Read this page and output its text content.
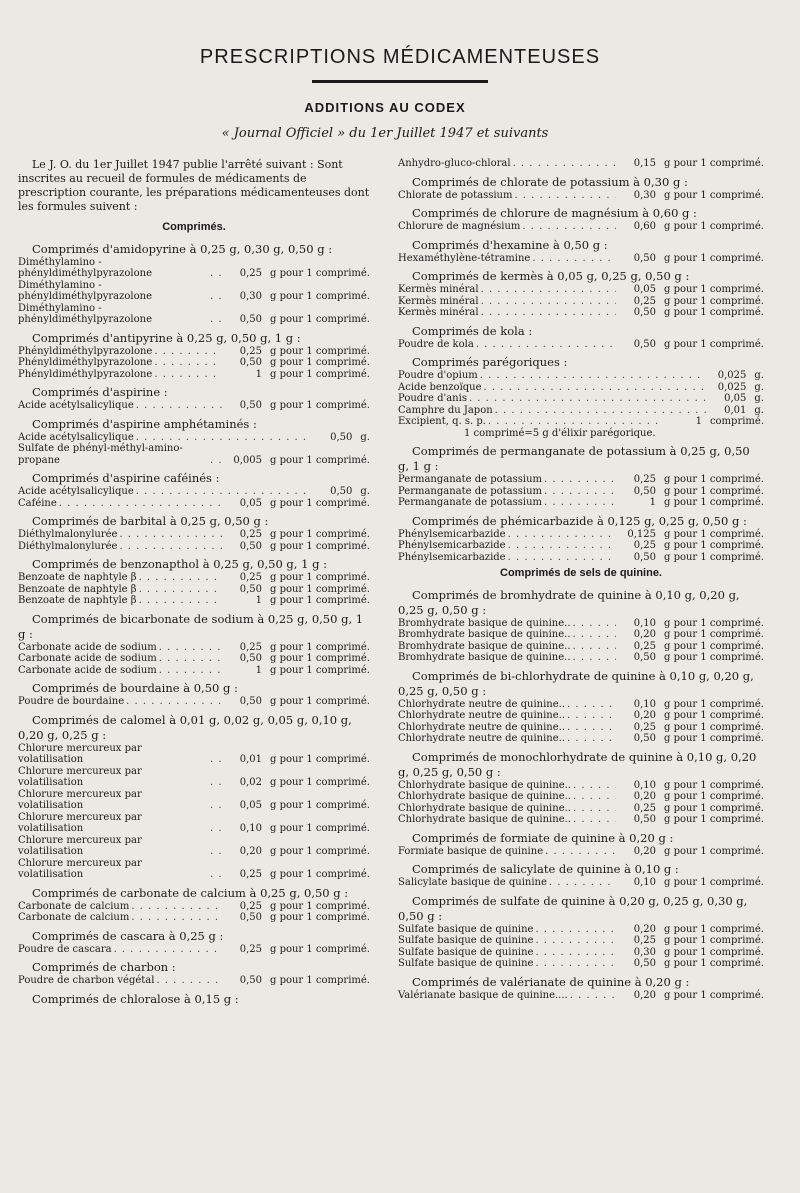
PRESCRIPTIONS MÉDICAMENTEUSES
ADDITIONS AU CODEX
« Journal Officiel » du 1er Juillet 1947 et suivants
Le J. O. du 1er Juillet 1947 publie l'arrêté suivant : Sont inscrites au recueil de formules de médicaments de prescription courante, les préparations médicamenteuses dont les formules suivent :
Comprimés.
Comprimés d'amidopyrine à 0,25 g, 0,30 g, 0,50 g :
Diméthylamino - phényldiméthylpyrazolone . . .	0,25 g pour 1 comprimé.
Diméthylamino - phényldiméthylpyrazolone . . .	0,30 g pour 1 comprimé.
Diméthylamino - phényldiméthylpyrazolone . . .	0,50 g pour 1 comprimé.
Comprimés d'antipyrine à 0,25 g, 0,50 g, 1 g :
Phényldiméthylpyrazolone . . .	0,25 g pour 1 comprimé.
Phényldiméthylpyrazolone . . .	0,50 g pour 1 comprimé.
Phényldiméthylpyrazolone . . .	1 g pour 1 comprimé.
Comprimés d'aspirine :
Acide acétylsalicylique . . .	0,50 g pour 1 comprimé.
Comprimés d'aspirine amphétaminés :
Acide acétylsalicylique . . .	0,50 g.
Sulfate de phényl-méthyl-amino-propane . . .	0,005 g pour 1 comprimé.
Comprimés d'aspirine caféinés :
Acide acétylsalicylique . . .	0,50 g.
Caféine . . .	0,05 g pour 1 comprimé.
Comprimés de barbital à 0,25 g, 0,50 g :
Diéthylmalonylurée . . .	0,25 g pour 1 comprimé.
Diéthylmalonylurée . . .	0,50 g pour 1 comprimé.
Comprimés de benzonapthol à 0,25 g, 0,50 g, 1 g :
Benzoate de naphtyle β . . .	0,25 g pour 1 comprimé.
Benzoate de naphtyle β . . .	0,50 g pour 1 comprimé.
Benzoate de naphtyle β . . .	1 g pour 1 comprimé.
Comprimés de bicarbonate de sodium à 0,25 g, 0,50 g, 1 g :
Carbonate acide de sodium . . .	0,25 g pour 1 comprimé.
Carbonate acide de sodium . . .	0,50 g pour 1 comprimé.
Carbonate acide de sodium . . .	1 g pour 1 comprimé.
Comprimés de bourdaine à 0,50 g :
Poudre de bourdaine . . .	0,50 g pour 1 comprimé.
Comprimés de calomel à 0,01 g, 0,02 g, 0,05 g, 0,10 g, 0,20 g, 0,25 g :
Chlorure mercureux par volatilisation . . .	0,01 g pour 1 comprimé.
Chlorure mercureux par volatilisation . . .	0,02 g pour 1 comprimé.
Chlorure mercureux par volatilisation . . .	0,05 g pour 1 comprimé.
Chlorure mercureux par volatilisation . . .	0,10 g pour 1 comprimé.
Chlorure mercureux par volatilisation . . .	0,20 g pour 1 comprimé.
Chlorure mercureux par volatilisation . . .	0,25 g pour 1 comprimé.
Comprimés de carbonate de calcium à 0,25 g, 0,50 g :
Carbonate de calcium . . .	0,25 g pour 1 comprimé.
Carbonate de calcium . . .	0,50 g pour 1 comprimé.
Comprimés de cascara à 0,25 g :
Poudre de cascara . . .	0,25 g pour 1 comprimé.
Comprimés de charbon :
Poudre de charbon végétal . . .	0,50 g pour 1 comprimé.
Comprimés de chloralose à 0,15 g :
Anhydro-gluco-chloral . . .	0,15 g pour 1 comprimé.
Comprimés de chlorate de potassium à 0,30 g :
Chlorate de potassium . . .	0,30 g pour 1 comprimé.
Comprimés de chlorure de magnésium à 0,60 g :
Chlorure de magnésium . . .	0,60 g pour 1 comprimé.
Comprimés d'hexamine à 0,50 g :
Hexaméthylène-tétramine . . .	0,50 g pour 1 comprimé.
Comprimés de kermès à 0,05 g, 0,25 g, 0,50 g :
Kermès minéral . . .	0,05 g pour 1 comprimé.
Kermès minéral . . .	0,25 g pour 1 comprimé.
Kermès minéral . . .	0,50 g pour 1 comprimé.
Comprimés de kola :
Poudre de kola . . .	0,50 g pour 1 comprimé.
Comprimés parégoriques :
Poudre d'opium . . .	0,025 g.
Acide benzoïque . . .	0,025 g.
Poudre d'anis . . .	0,05 g.
Camphre du Japon . . .	0,01 g.
Excipient, q. s. p. . . .	1 comprimé.
1 comprimé=5 g d'élixir parégorique.
Comprimés de permanganate de potassium à 0,25 g, 0,50 g, 1 g :
Permanganate de potassium . . .	0,25 g pour 1 comprimé.
Permanganate de potassium . . .	0,50 g pour 1 comprimé.
Permanganate de potassium . . .	1 g pour 1 comprimé.
Comprimés de phémicarbazide à 0,125 g, 0,25 g, 0,50 g :
Phénylsemicarbazide . . .	0,125 g pour 1 comprimé.
Phénylsemicarbazide . . .	0,25 g pour 1 comprimé.
Phénylsemicarbazide . . .	0,50 g pour 1 comprimé.
Comprimés de sels de quinine.
Comprimés de bromhydrate de quinine à 0,10 g, 0,20 g, 0,25 g, 0,50 g :
Bromhydrate basique de quinine.. . . .	0,10 g pour 1 comprimé.
Bromhydrate basique de quinine.. . . .	0,20 g pour 1 comprimé.
Bromhydrate basique de quinine.. . . .	0,25 g pour 1 comprimé.
Bromhydrate basique de quinine.. . . .	0,50 g pour 1 comprimé.
Comprimés de bi-chlorhydrate de quinine à 0,10 g, 0,20 g, 0,25 g, 0,50 g :
Chlorhydrate neutre de quinine.. . . .	0,10 g pour 1 comprimé.
Chlorhydrate neutre de quinine.. . . .	0,20 g pour 1 comprimé.
Chlorhydrate neutre de quinine.. . . .	0,25 g pour 1 comprimé.
Chlorhydrate neutre de quinine.. . . .	0,50 g pour 1 comprimé.
Comprimés de monochlorhydrate de quinine à 0,10 g, 0,20 g, 0,25 g, 0,50 g :
Chlorhydrate basique de quinine.. . . .	0,10 g pour 1 comprimé.
Chlorhydrate basique de quinine.. . . .	0,20 g pour 1 comprimé.
Chlorhydrate basique de quinine.. . . .	0,25 g pour 1 comprimé.
Chlorhydrate basique de quinine.. . . .	0,50 g pour 1 comprimé.
Comprimés de formiate de quinine à 0,20 g :
Formiate basique de quinine . . .	0,20 g pour 1 comprimé.
Comprimés de salicylate de quinine à 0,10 g :
Salicylate basique de quinine . . .	0,10 g pour 1 comprimé.
Comprimés de sulfate de quinine à 0,20 g, 0,25 g, 0,30 g, 0,50 g :
Sulfate basique de quinine . . .	0,20 g pour 1 comprimé.
Sulfate basique de quinine . . .	0,25 g pour 1 comprimé.
Sulfate basique de quinine . . .	0,30 g pour 1 comprimé.
Sulfate basique de quinine . . .	0,50 g pour 1 comprimé.
Comprimés de valérianate de quinine à 0,20 g :
Valérianate basique de quinine.... . . .	0,20 g pour 1 comprimé.
